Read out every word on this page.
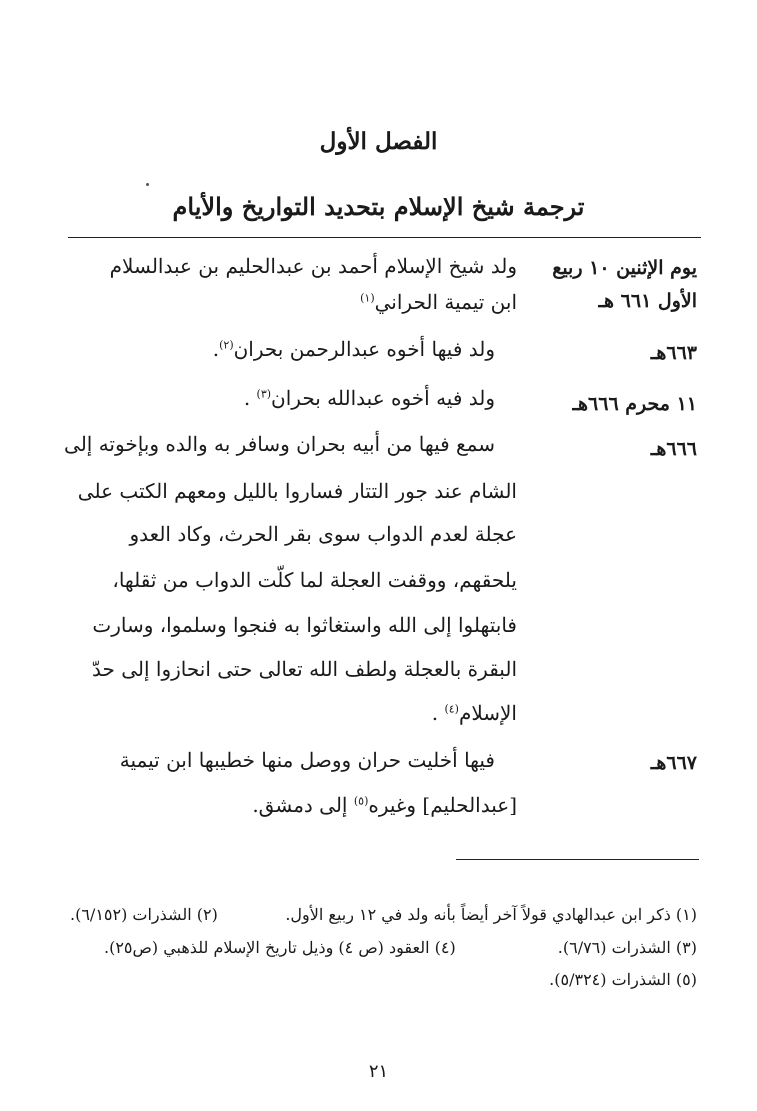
الفصل الأول
ترجمة شيخ الإسلام بتحديد التواريخ والأيام
يوم الإثنين ١٠ ربيع
الأول ٦٦١ هـ
ولد شيخ الإسلام أحمد بن عبدالحليم بن عبدالسلام
ابن تيمية الحراني$^{(١)}$
٦٦٣هـ
ولد فيها أخوه عبدالرحمن بحران$^{(٢)}$.
١١ محرم ٦٦٦هـ
ولد فيه أخوه عبدالله بحران$^{(٣)}$ .
٦٦٦هـ
سمع فيها من أبيه بحران وسافر به والده وبإخوته إلى
الشام عند جور التتار فساروا بالليل ومعهم الكتب على
عجلة لعدم الدواب سوى بقر الحرث، وكاد العدو
يلحقهم، ووقفت العجلة لما كلّت الدواب من ثقلها،
فابتهلوا إلى الله واستغاثوا به فنجوا وسلموا، وسارت
البقرة بالعجلة ولطف الله تعالى حتى انحازوا إلى حدّ
الإسلام$^{(٤)}$ .
٦٦٧هـ
فيها أخليت حران ووصل منها خطيبها ابن تيمية
[عبدالحليم] وغيره$^{(٥)}$ إلى دمشق.
(١) ذكر ابن عبدالهادي قولاً آخر أيضاً بأنه ولد في ١٢ ربيع الأول.
(٢) الشذرات (٦/١٥٢).
(٣) الشذرات (٦/٧٦).
(٤) العقود (ص ٤) وذيل تاريخ الإسلام للذهبي (ص٢٥).
(٥) الشذرات (٥/٣٢٤).
٢١
